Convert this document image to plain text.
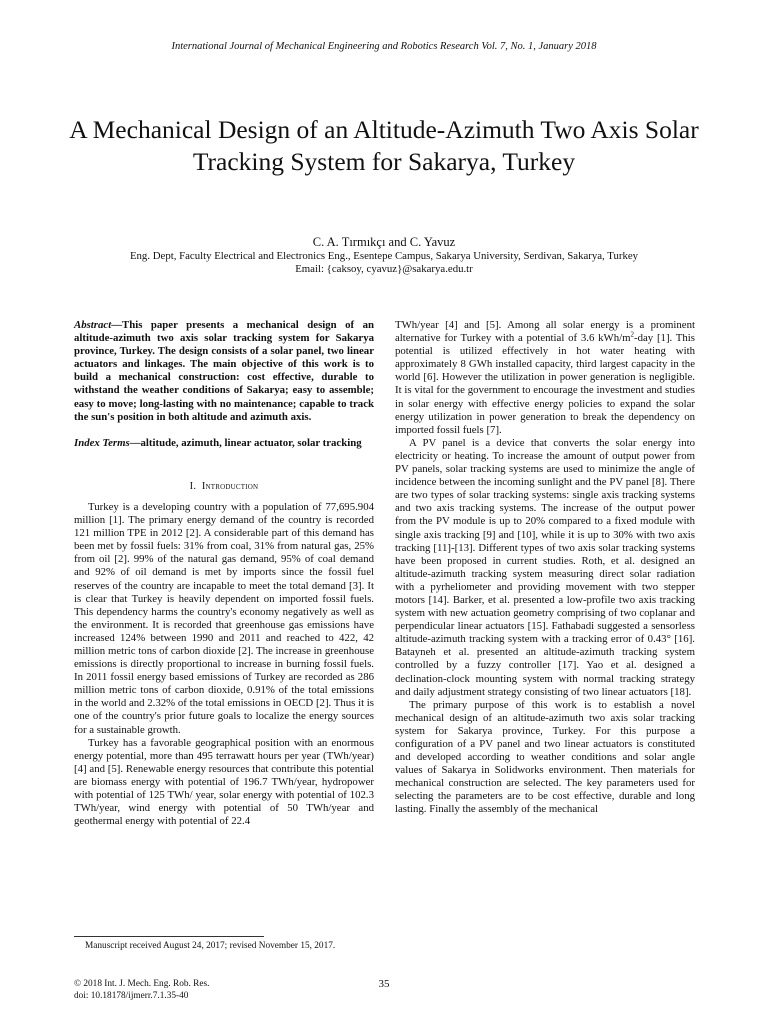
International Journal of Mechanical Engineering and Robotics Research Vol. 7, No. 1, January 2018
A Mechanical Design of an Altitude-Azimuth Two Axis Solar Tracking System for Sakarya, Turkey
C. A. Tırmıkçı and C. Yavuz
Eng. Dept, Faculty Electrical and Electronics Eng., Esentepe Campus, Sakarya University, Serdivan, Sakarya, Turkey
Email: {caksoy, cyavuz}@sakarya.edu.tr

Abstract—This paper presents a mechanical design of an altitude-azimuth two axis solar tracking system for Sakarya province, Turkey. The design consists of a solar panel, two linear actuators and linkages. The main objective of this work is to build a mechanical construction: cost effective, durable to withstand the weather conditions of Sakarya; easy to assemble; easy to move; long-lasting with no maintenance; capable to track the sun's position in both altitude and azimuth axis.

Index Terms—altitude, azimuth, linear actuator, solar tracking

I. Introduction

Turkey is a developing country with a population of 77,695.904 million [1]. The primary energy demand of the country is recorded 121 million TPE in 2012 [2]. A considerable part of this demand has been met by fossil fuels: 31% from coal, 31% from natural gas, 25% from oil [2]. 99% of the natural gas demand, 95% of coal demand and 92% of oil demand is met by imports since the fossil fuel reserves of the country are incapable to meet the total demand [3]. It is clear that Turkey is heavily dependent on imported fossil fuels. This dependency harms the country's economy negatively as well as the environment. It is recorded that greenhouse gas emissions have increased 124% between 1990 and 2011 and reached to 422, 42 million metric tons of carbon dioxide [2]. The increase in greenhouse emissions is directly proportional to increase in burning fossil fuels. In 2011 fossil energy based emissions of Turkey are recorded as 286 million metric tons of carbon dioxide, 0.91% of the total emissions in the world and 2.32% of the total emissions in OECD [2]. Thus it is one of the country's prior future goals to localize the energy sources for a sustainable growth.

Turkey has a favorable geographical position with an enormous energy potential, more than 495 terrawatt hours per year (TWh/year) [4] and [5]. Renewable energy resources that contribute this potential are biomass energy with potential of 196.7 TWh/year, hydropower with potential of 125 TWh/ year, solar energy with potential of 102.3 TWh/year, wind energy with potential of 50 TWh/year and geothermal energy with potential of 22.4

TWh/year [4] and [5]. Among all solar energy is a prominent alternative for Turkey with a potential of 3.6 kWh/$m^2$-day [1]. This potential is utilized effectively in hot water heating with approximately 8 GWh installed capacity, third largest capacity in the world [6]. However the utilization in power generation is negligible. It is vital for the government to encourage the investment and studies in solar energy with effective energy policies to expand the solar energy utilization in power generation to break the dependency on imported fossil fuels [7].

A PV panel is a device that converts the solar energy into electricity or heating. To increase the amount of output power from PV panels, solar tracking systems are used to minimize the angle of incidence between the incoming sunlight and the PV panel [8]. There are two types of solar tracking systems: single axis tracking systems and two axis tracking systems. The increase of the output power from the PV module is up to 20% compared to a fixed module with single axis tracking [9] and [10], while it is up to 30% with two axis tracking [11]-[13]. Different types of two axis solar tracking systems have been proposed in current studies. Roth, et al. designed an altitude-azimuth tracking system measuring direct solar radiation with a pyrheliometer and providing movement with two stepper motors [14]. Barker, et al. presented a low-profile two axis tracking system with new actuation geometry comprising of two coplanar and perpendicular linear actuators [15]. Fathabadi suggested a sensorless altitude-azimuth tracking system with a tracking error of 0.43° [16]. Batayneh et al. presented an altitude-azimuth tracking system controlled by a fuzzy controller [17]. Yao et al. designed a declination-clock mounting system with normal tracking strategy and daily adjustment strategy consisting of two linear actuators [18].

The primary purpose of this work is to establish a novel mechanical design of an altitude-azimuth two axis solar tracking system for Sakarya province, Turkey. For this purpose a configuration of a PV panel and two linear actuators is constituted and developed according to weather conditions and solar angle values of Sakarya in Solidworks environment. Then materials for mechanical construction are selected. The key parameters used for selecting the parameters are to be cost effective, durable and long lasting. Finally the assembly of the mechanical

Manuscript received August 24, 2017; revised November 15, 2017.
© 2018 Int. J. Mech. Eng. Rob. Res.
doi: 10.18178/ijmerr.7.1.35-40
35
